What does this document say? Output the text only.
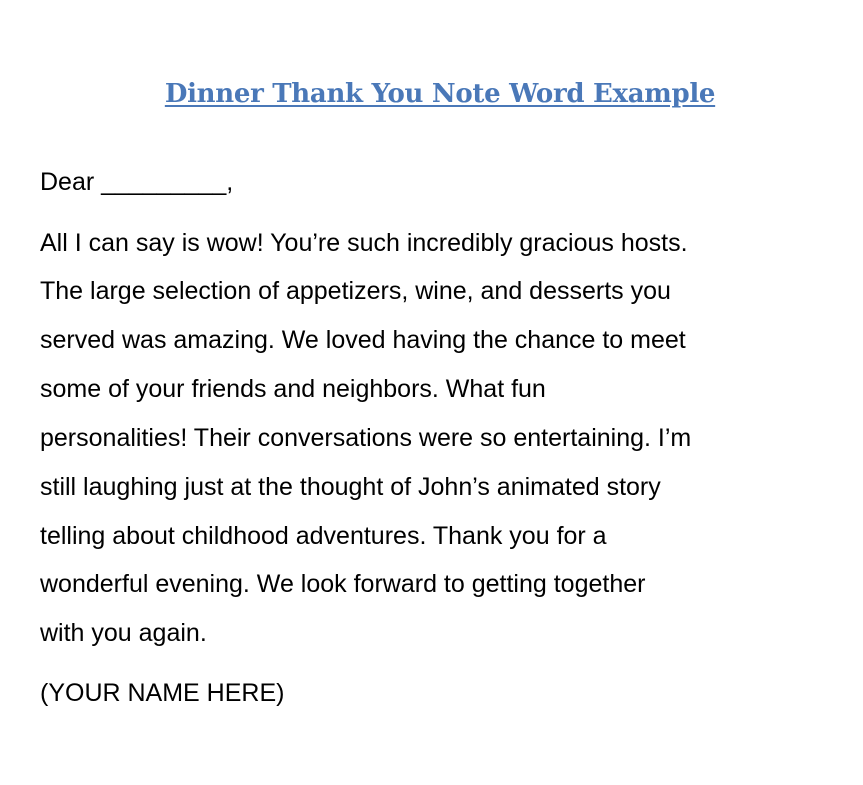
Dinner Thank You Note Word Example
Dear _________,
All I can say is wow! You’re such incredibly gracious hosts.
The large selection of appetizers, wine, and desserts you
served was amazing. We loved having the chance to meet
some of your friends and neighbors. What fun
personalities! Their conversations were so entertaining. I’m
still laughing just at the thought of John’s animated story
telling about childhood adventures. Thank you for a
wonderful evening. We look forward to getting together
with you again.
(YOUR NAME HERE)
